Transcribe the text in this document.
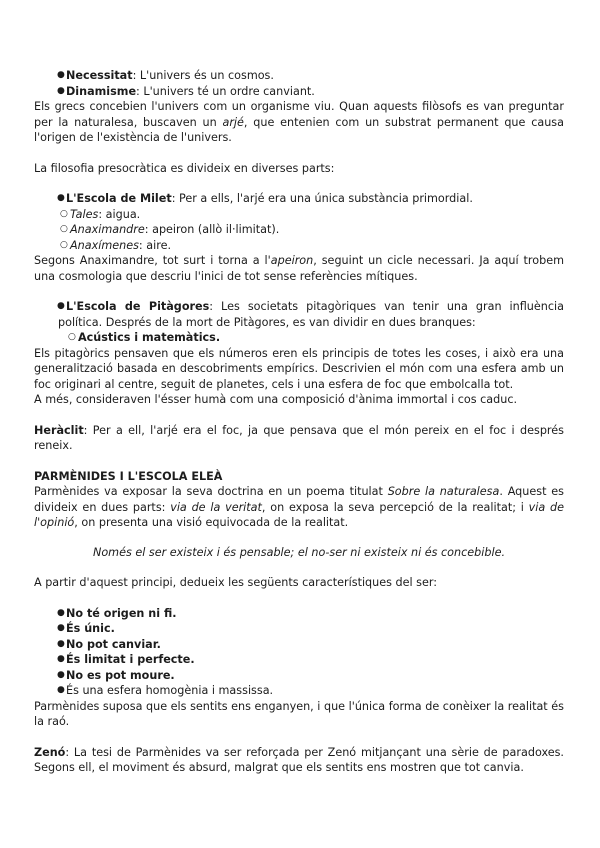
● Necessitat: L'univers és un cosmos.
● Dinamisme: L'univers té un ordre canviant.

Els grecs concebien l'univers com un organisme viu. Quan aquests filòsofs es van preguntar per la naturalesa, buscaven un arjé, que entenien com un substrat permanent que causa l'origen de l'existència de l'univers.

La filosofia presocràtica es divideix en diverses parts:

● L'Escola de Milet: Per a ells, l'arjé era una única substància primordial.
○ Tales: aigua.
○ Anaximandre: apeiron (allò il·limitat).
○ Anaxímenes: aire.

Segons Anaximandre, tot surt i torna a l'apeiron, seguint un cicle necessari. Ja aquí trobem una cosmologia que descriu l'inici de tot sense referències mítiques.

● L'Escola de Pitàgores: Les societats pitagòriques van tenir una gran influència política. Després de la mort de Pitàgores, es van dividir en dues branques:
○ Acústics i matemàtics.

Els pitagòrics pensaven que els números eren els principis de totes les coses, i això era una generalització basada en descobriments empírics. Descrivien el món com una esfera amb un foc originari al centre, seguit de planetes, cels i una esfera de foc que embolcalla tot.

A més, consideraven l'ésser humà com una composició d'ànima immortal i cos caduc.

Heràclit: Per a ell, l'arjé era el foc, ja que pensava que el món pereix en el foc i després reneix.

PARMÈNIDES I L'ESCOLA ELEÀ

Parmènides va exposar la seva doctrina en un poema titulat Sobre la naturalesa. Aquest es divideix en dues parts: via de la veritat, on exposa la seva percepció de la realitat; i via de l'opinió, on presenta una visió equivocada de la realitat.

Només el ser existeix i és pensable; el no-ser ni existeix ni és concebible.

A partir d'aquest principi, dedueix les següents característiques del ser:

● No té origen ni fi.
● És únic.
● No pot canviar.
● És limitat i perfecte.
● No es pot moure.
● És una esfera homogènia i massissa.

Parmènides suposa que els sentits ens enganyen, i que l'única forma de conèixer la realitat és la raó.

Zenó: La tesi de Parmènides va ser reforçada per Zenó mitjançant una sèrie de paradoxes. Segons ell, el moviment és absurd, malgrat que els sentits ens mostren que tot canvia.
